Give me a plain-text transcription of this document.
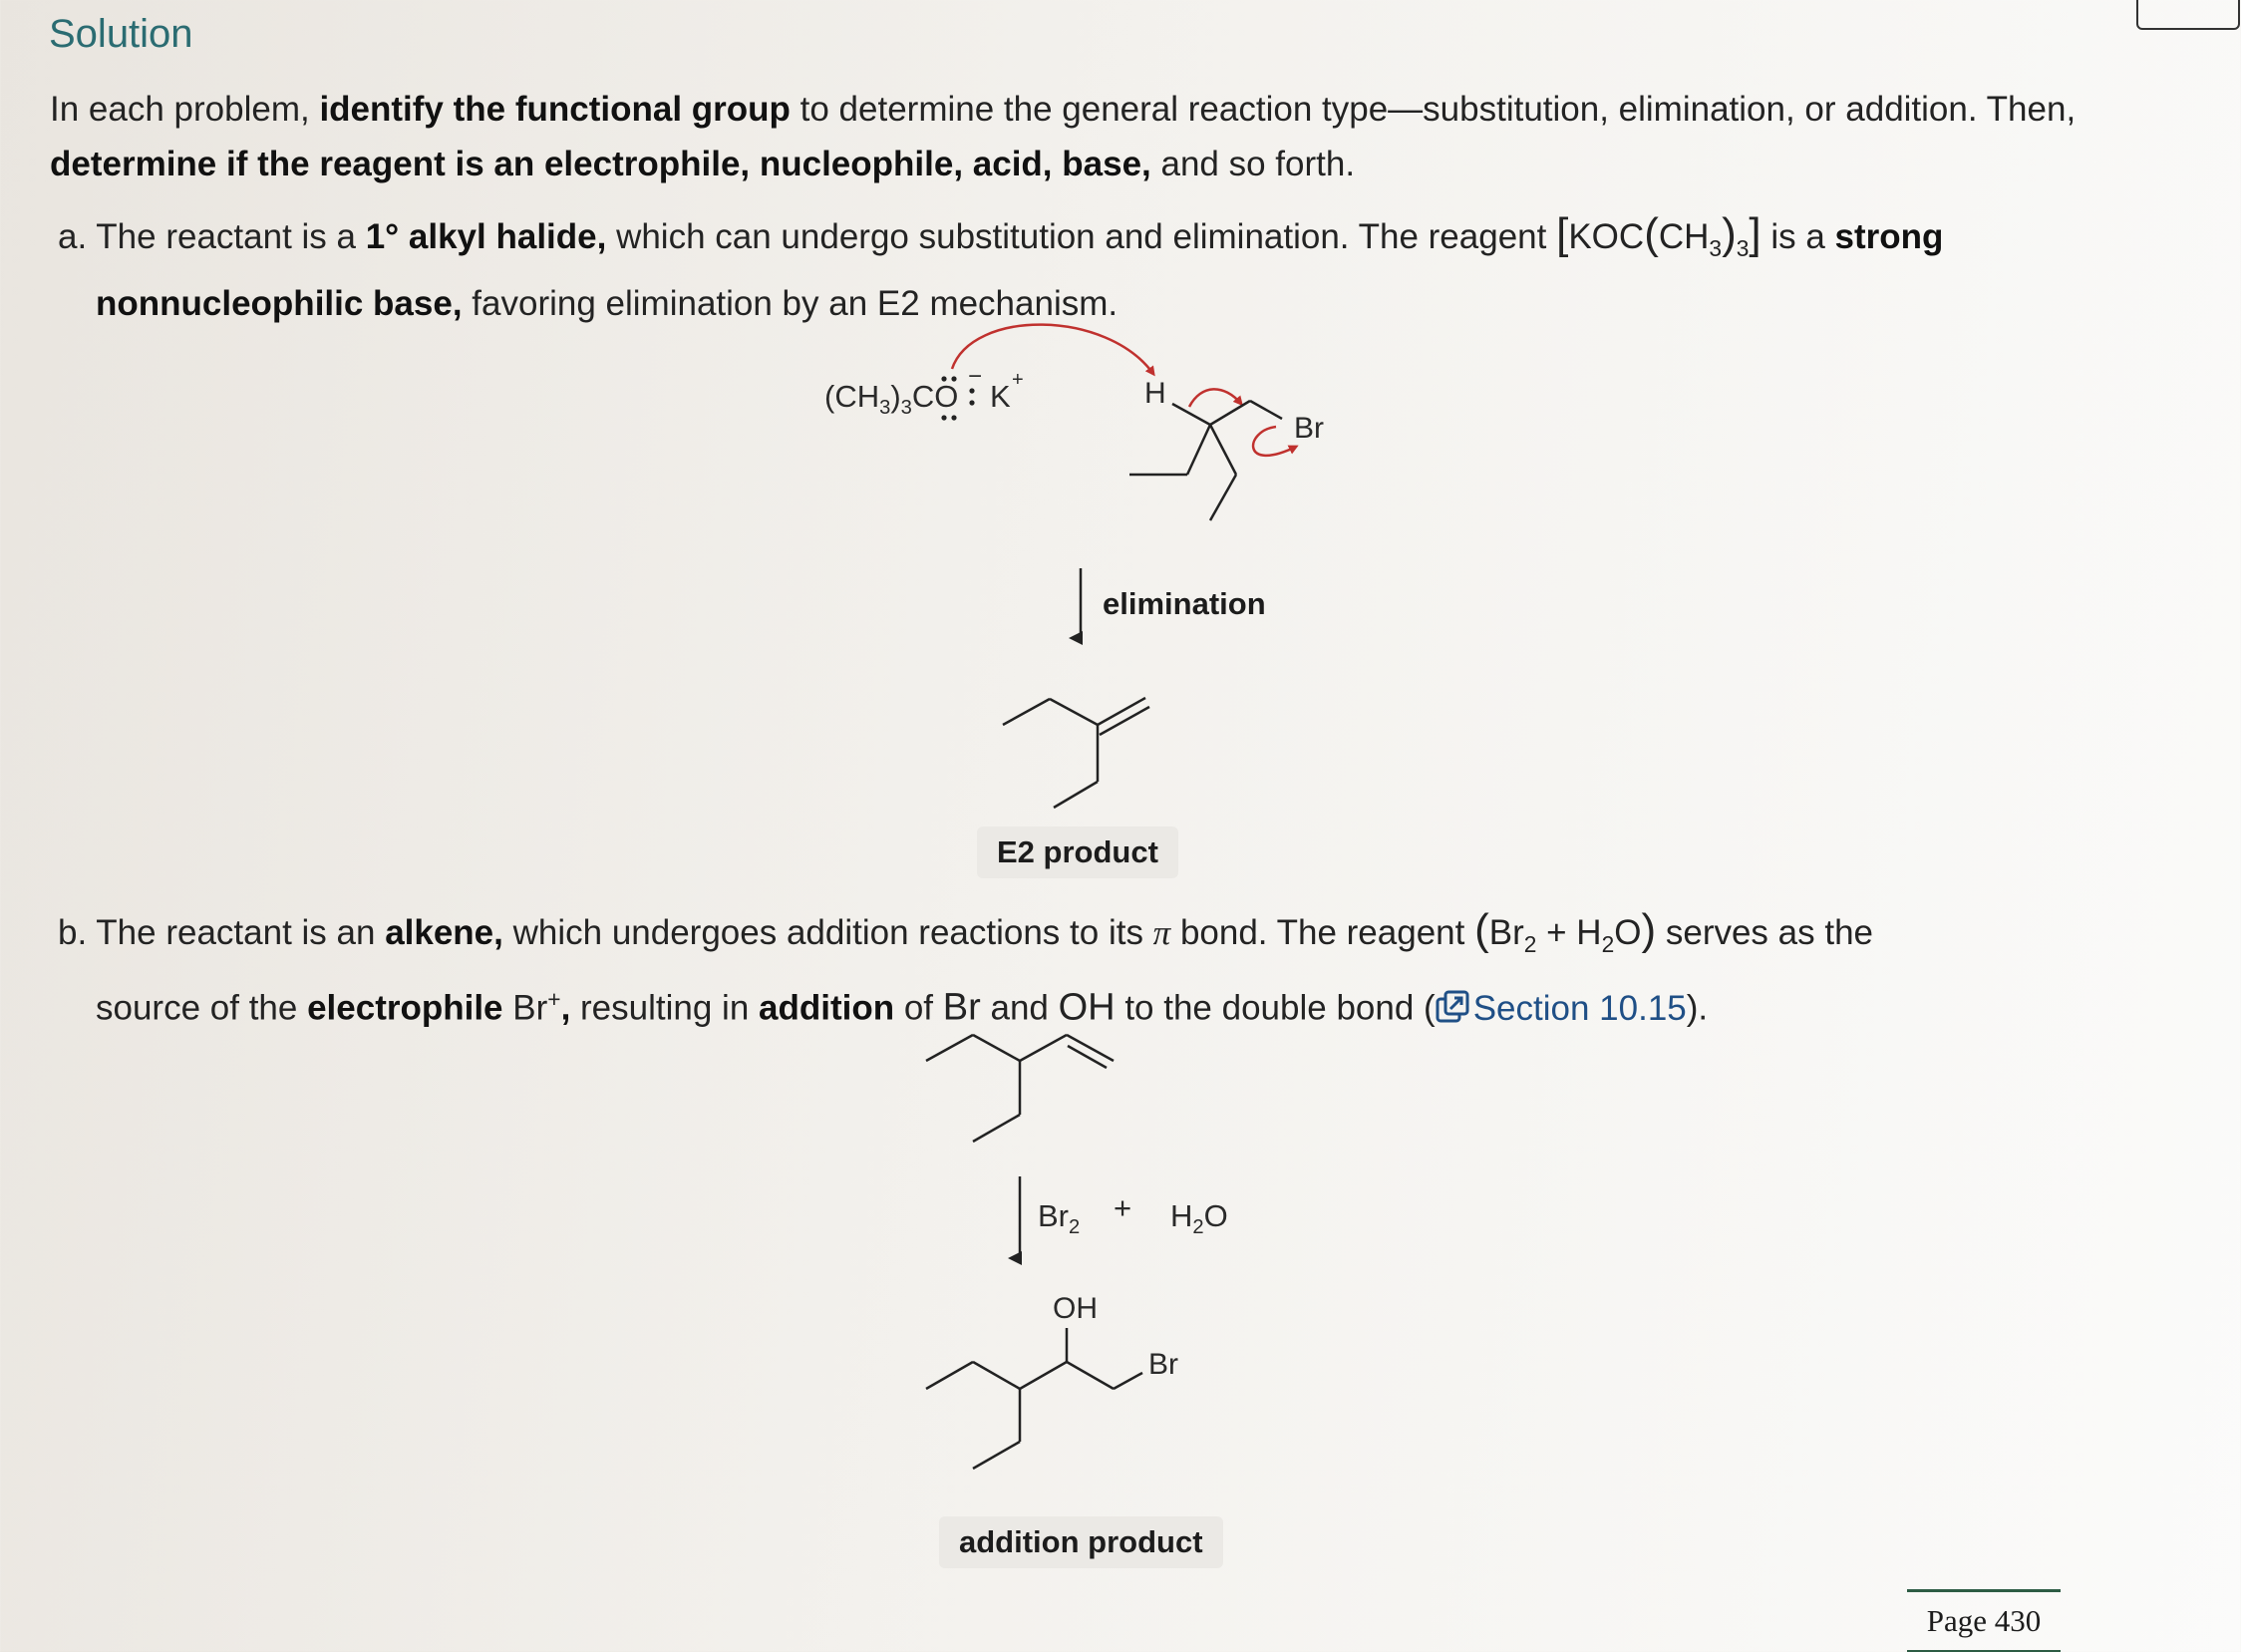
Solution
In each problem, identify the functional group to determine the general reaction type—substitution, elimination, or addition. Then, determine if the reagent is an electrophile, nucleophile, acid, base, and so forth.
a. The reactant is a 1° alkyl halide, which can undergo substitution and elimination. The reagent $[KOC(CH_3)_3]$ is a strong
nonnucleophilic base, favoring elimination by an E2 mechanism.
$(CH_3)_3CO$
−
K +	H
Br
elimination
E2 product
b. The reactant is an alkene, which undergoes addition reactions to its π bond. The reagent $(Br_2 + H_2O)$ serves as the
source of the electrophile Br+, resulting in addition of Br and OH to the double bond ( Section 10.15).
$Br_2$
+ $H_2O$
OH
Br
addition product
Page 430
